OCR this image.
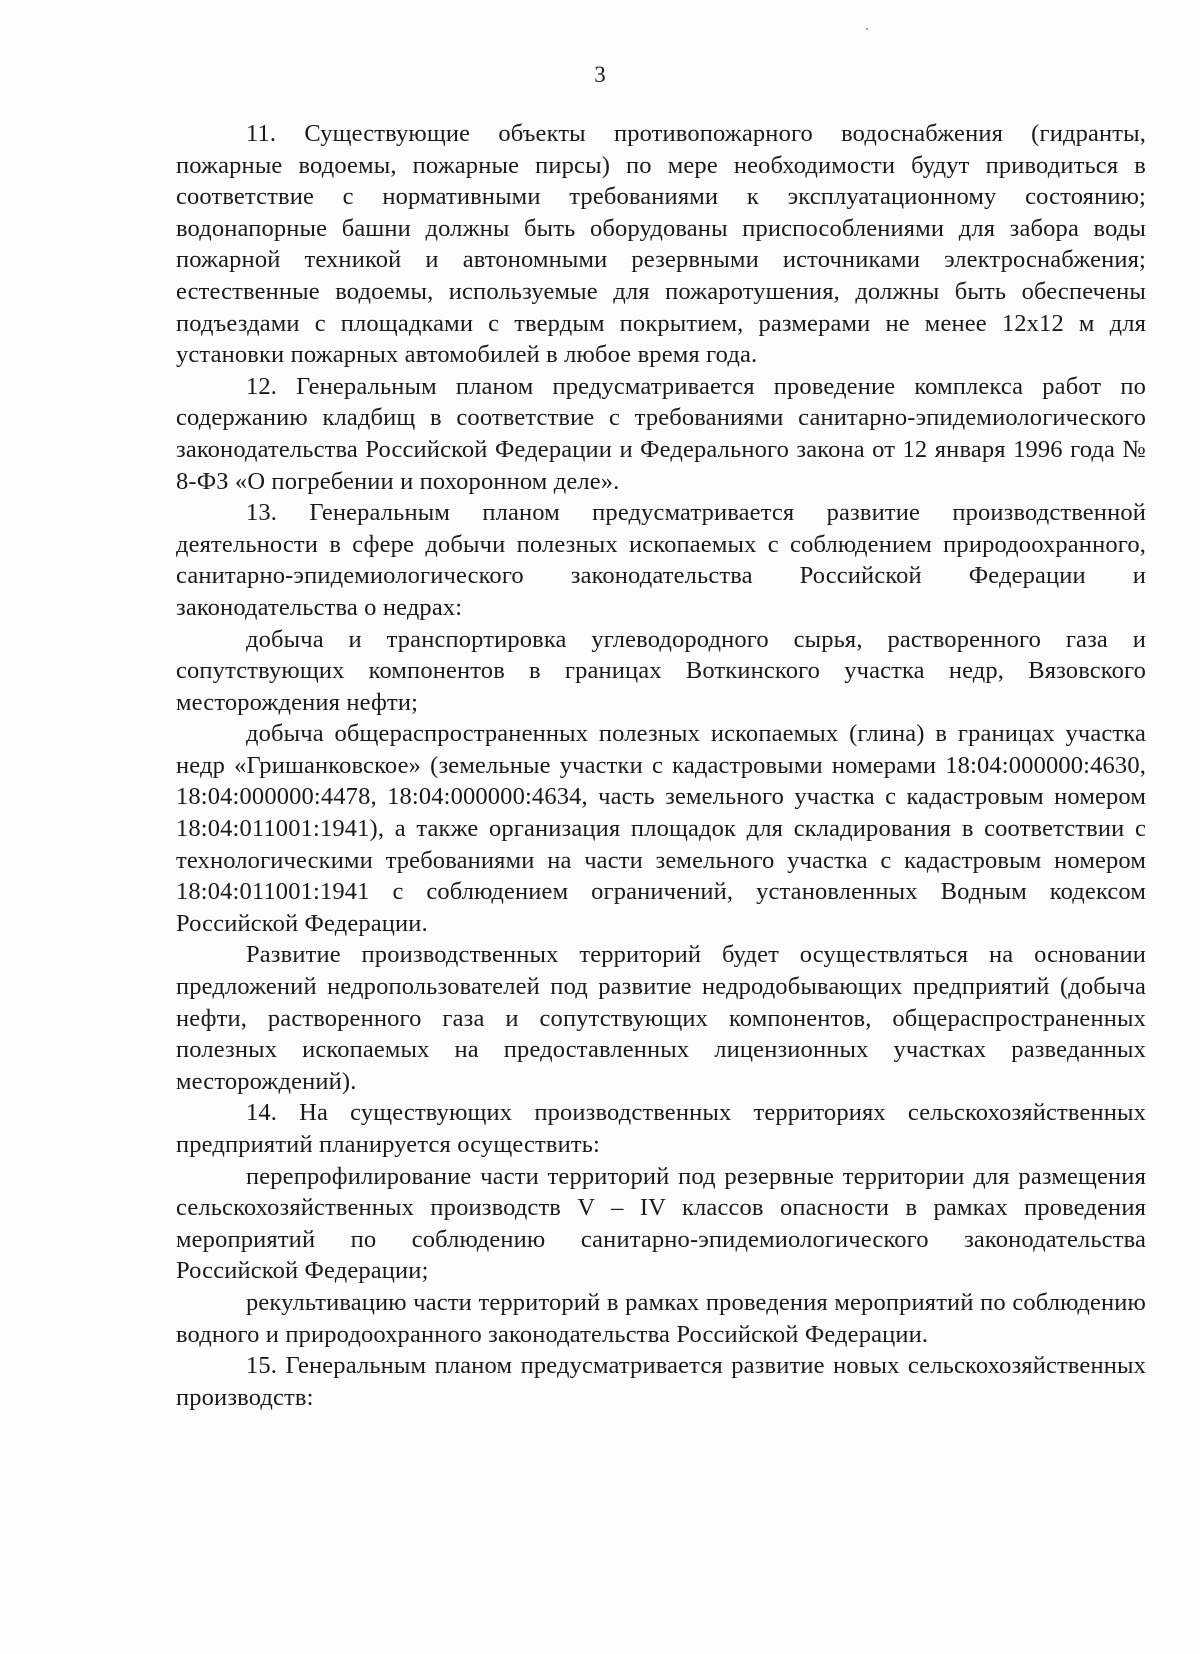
3

11. Существующие объекты противопожарного водоснабжения (гидранты, пожарные водоемы, пожарные пирсы) по мере необходимости будут приводиться в соответствие с нормативными требованиями к эксплуатационному состоянию; водонапорные башни должны быть оборудованы приспособлениями для забора воды пожарной техникой и автономными резервными источниками электроснабжения; естественные водоемы, используемые для пожаротушения, должны быть обеспечены подъездами с площадками с твердым покрытием, размерами не менее 12х12 м для установки пожарных автомобилей в любое время года.

12. Генеральным планом предусматривается проведение комплекса работ по содержанию кладбищ в соответствие с требованиями санитарно-эпидемиологического законодательства Российской Федерации и Федерального закона от 12 января 1996 года № 8-ФЗ «О погребении и похоронном деле».

13. Генеральным планом предусматривается развитие производственной деятельности в сфере добычи полезных ископаемых с соблюдением природоохранного, санитарно-эпидемиологического законодательства Российской Федерации и законодательства о недрах:

добыча и транспортировка углеводородного сырья, растворенного газа и сопутствующих компонентов в границах Воткинского участка недр, Вязовского месторождения нефти;

добыча общераспространенных полезных ископаемых (глина) в границах участка недр «Гришанковское» (земельные участки с кадастровыми номерами 18:04:000000:4630, 18:04:000000:4478, 18:04:000000:4634, часть земельного участка с кадастровым номером 18:04:011001:1941), а также организация площадок для складирования в соответствии с технологическими требованиями на части земельного участка с кадастровым номером 18:04:011001:1941 с соблюдением ограничений, установленных Водным кодексом Российской Федерации.

Развитие производственных территорий будет осуществляться на основании предложений недропользователей под развитие недродобывающих предприятий (добыча нефти, растворенного газа и сопутствующих компонентов, общераспространенных полезных ископаемых на предоставленных лицензионных участках разведанных месторождений).

14. На существующих производственных территориях сельскохозяйственных предприятий планируется осуществить:

перепрофилирование части территорий под резервные территории для размещения сельскохозяйственных производств V – IV классов опасности в рамках проведения мероприятий по соблюдению санитарно-эпидемиологического законодательства Российской Федерации;

рекультивацию части территорий в рамках проведения мероприятий по соблюдению водного и природоохранного законодательства Российской Федерации.

15. Генеральным планом предусматривается развитие новых сельскохозяйственных производств:
